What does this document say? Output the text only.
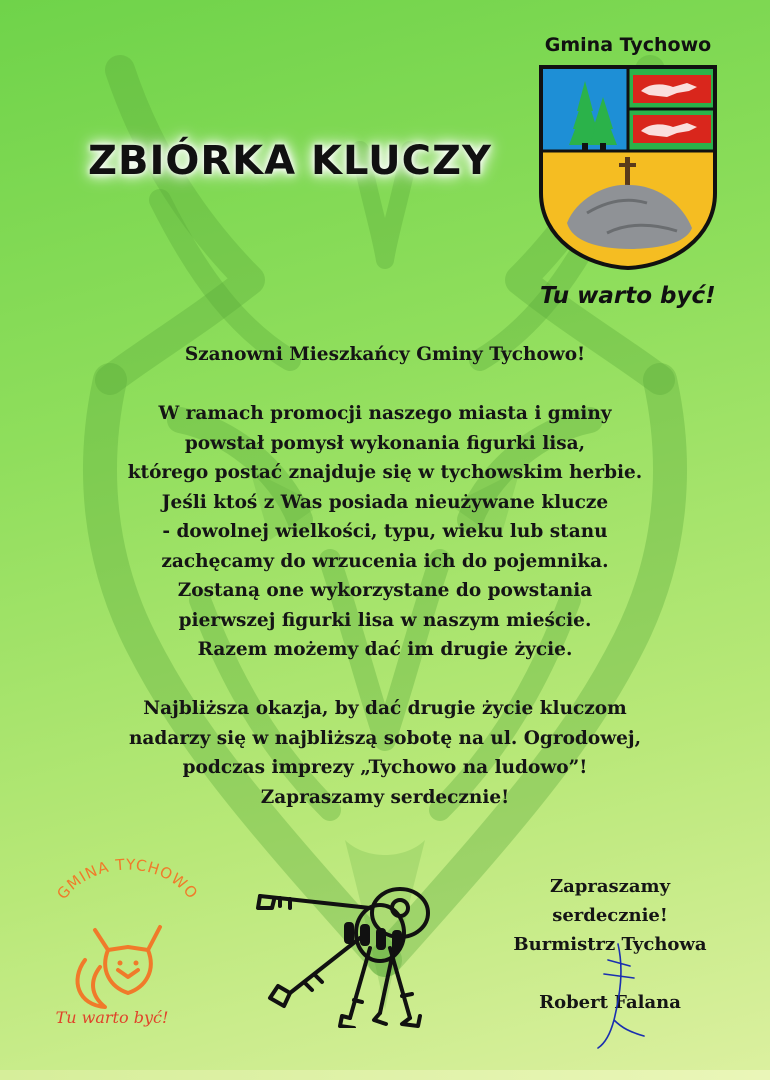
ZBIÓRKA KLUCZY
Gmina Tychowo
Tu warto być!

Szanowni Mieszkańcy Gminy Tychowo!

W ramach promocji naszego miasta i gminy

powstał pomysł wykonania figurki lisa,

którego postać znajduje się w tychowskim herbie.

Jeśli ktoś z Was posiada nieużywane klucze

- dowolnej wielkości, typu, wieku lub stanu

zachęcamy do wrzucenia ich do pojemnika.

Zostaną one wykorzystane do powstania

pierwszej figurki lisa w naszym mieście.

Razem możemy dać im drugie życie.

Najbliższa okazja, by dać drugie życie kluczom

nadarzy się w najbliższą sobotę na ul. Ogrodowej,

podczas imprezy „Tychowo na ludowo”!

Zapraszamy serdecznie!

GMINA TYCHOWO
Tu warto być!

Zapraszamy

serdecznie!

Burmistrz Tychowa

Robert Falana
